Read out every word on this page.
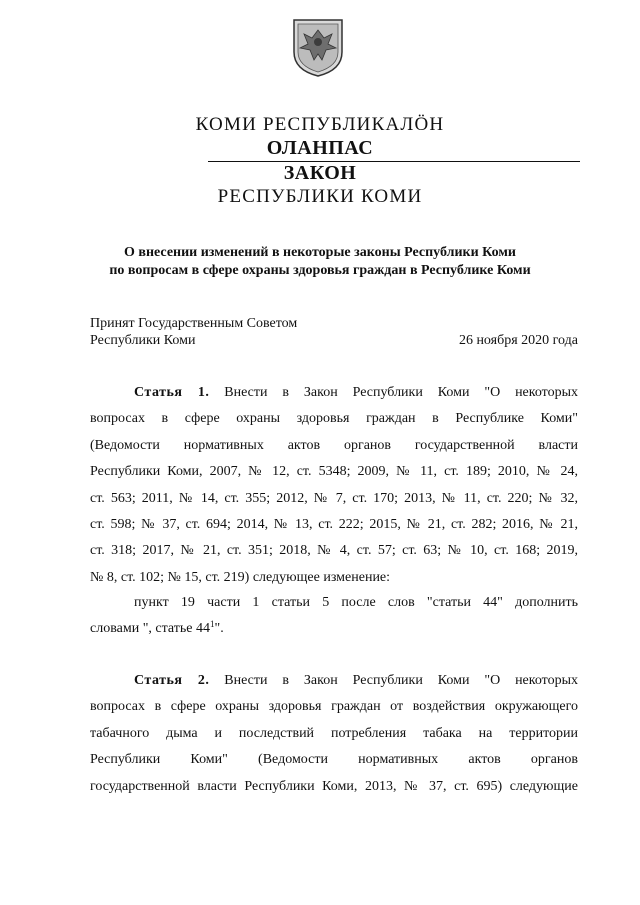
КОМИ РЕСПУБЛИКАЛÖН
ОЛАНПАС
ЗАКОН
РЕСПУБЛИКИ КОМИ
О внесении изменений в некоторые законы Республики Коми
по вопросам в сфере охраны здоровья граждан в Республике Коми
Принят Государственным Советом
Республики Коми	26 ноября 2020 года
Статья 1. Внести в Закон Республики Коми "О некоторых
вопросах в сфере охраны здоровья граждан в Республике Коми"
(Ведомости нормативных актов органов государственной власти
Республики Коми, 2007, № 12, ст. 5348; 2009, № 11, ст. 189; 2010, № 24,
ст. 563; 2011, № 14, ст. 355; 2012, № 7, ст. 170; 2013, № 11, ст. 220; № 32,
ст. 598; № 37, ст. 694; 2014, № 13, ст. 222; 2015, № 21, ст. 282; 2016, № 21,
ст. 318; 2017, № 21, ст. 351; 2018, № 4, ст. 57; ст. 63; № 10, ст. 168; 2019,
№ 8, ст. 102; № 15, ст. 219) следующее изменение:
пункт 19 части 1 статьи 5 после слов "статьи 44" дополнить
словами ", статье $44^1$".
Статья 2. Внести в Закон Республики Коми "О некоторых
вопросах в сфере охраны здоровья граждан от воздействия окружающего
табачного дыма и последствий потребления табака на территории
Республики Коми" (Ведомости нормативных актов органов
государственной власти Республики Коми, 2013, № 37, ст. 695) следующие
